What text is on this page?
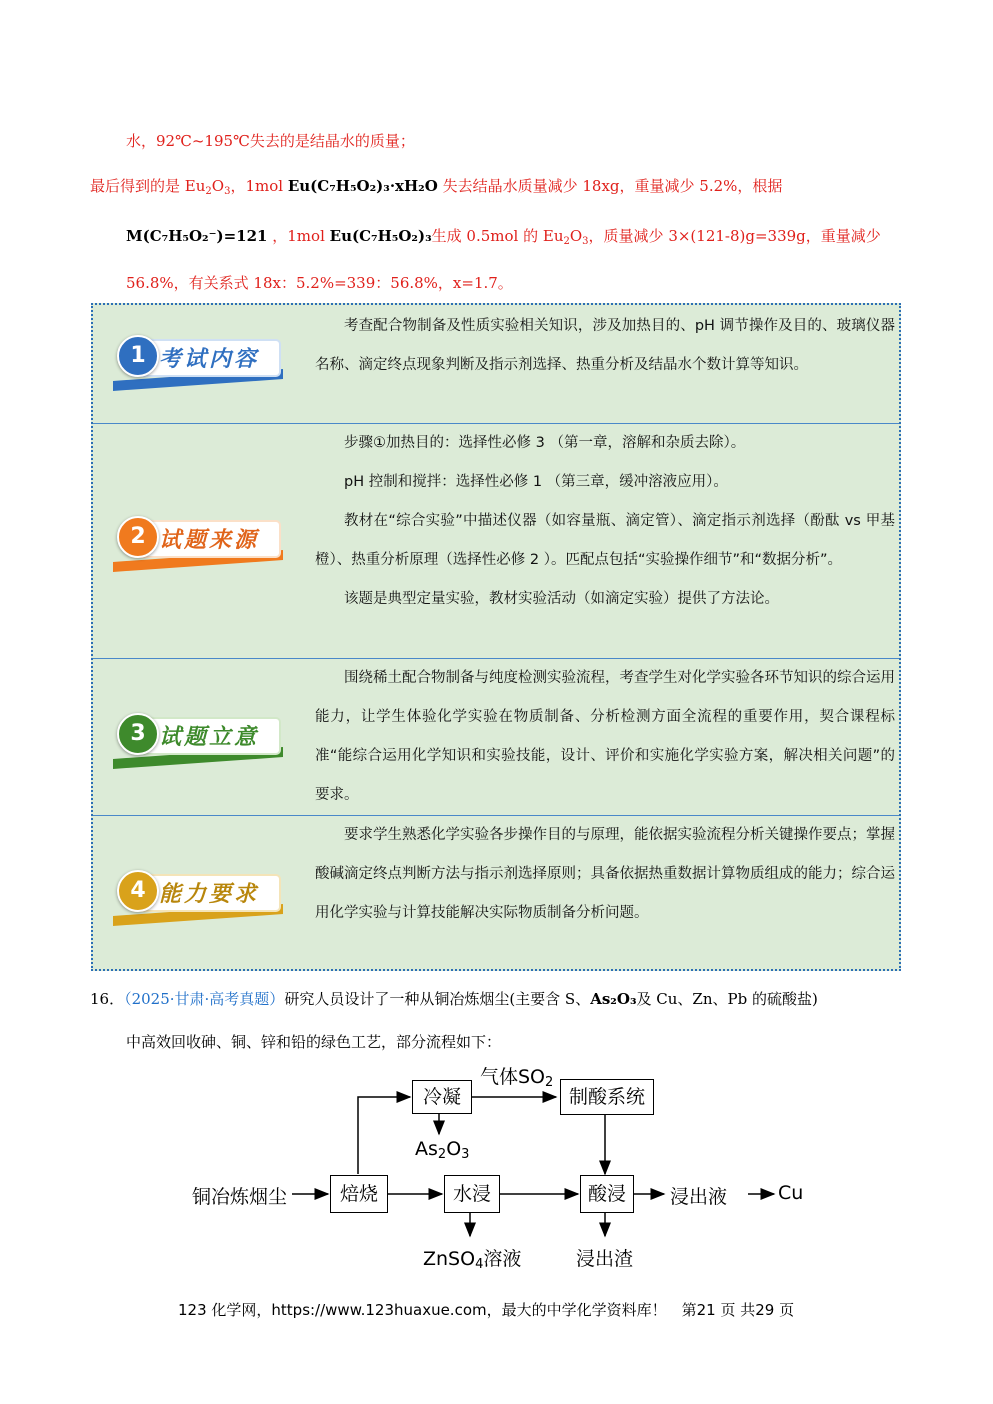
水，92℃~195℃失去的是结晶水的质量；
最后得到的是 $Eu_2O_3$，1mol Eu(C₇H₅O₂)₃·xH₂O 失去结晶水质量减少 18xg，重量减少 5.2%，根据
M(C₇H₅O₂⁻)=121 ，1mol Eu(C₇H₅O₂)₃生成 0.5mol 的 $Eu_2O_3$，质量减少 3×(121-8)g=339g，重量减少
56.8%，有关系式 18x：5.2%=339：56.8%，x=1.7。
1 考试内容

考查配合物制备及性质实验相关知识，涉及加热目的、pH 调节操作及目的、玻璃仪器名称、滴定终点现象判断及指示剂选择、热重分析及结晶水个数计算等知识。

2 试题来源

步骤①加热目的：选择性必修 3 （第一章，溶解和杂质去除）。

pH 控制和搅拌：选择性必修 1 （第三章，缓冲溶液应用）。

教材在“综合实验”中描述仪器（如容量瓶、滴定管）、滴定指示剂选择（酚酞 vs 甲基橙）、热重分析原理（选择性必修 2 ）。匹配点包括“实验操作细节”和“数据分析”。

该题是典型定量实验，教材实验活动（如滴定实验）提供了方法论。

3 试题立意

围绕稀土配合物制备与纯度检测实验流程，考查学生对化学实验各环节知识的综合运用能力，让学生体验化学实验在物质制备、分析检测方面全流程的重要作用，契合课程标准“能综合运用化学知识和实验技能，设计、评价和实施化学实验方案，解决相关问题”的要求。

4 能力要求

要求学生熟悉化学实验各步操作目的与原理，能依据实验流程分析关键操作要点；掌握酸碱滴定终点判断方法与指示剂选择原则；具备依据热重数据计算物质组成的能力；综合运用化学实验与计算技能解决实际物质制备分析问题。

16．（2025·甘肃·高考真题）研究人员设计了一种从铜冶炼烟尘(主要含 S、As₂O₃及 Cu、Zn、Pb 的硫酸盐)
中高效回收砷、铜、锌和铅的绿色工艺，部分流程如下：
铜冶炼烟尘	焙烧
冷凝
气体$SO_2$
制酸系统
$As_2O_3$
水浸	酸浸	浸出液	Cu
ZnSO$_4$溶液	浸出渣
123 化学网，https://www.123huaxue.com，最大的中学化学资料库！　第21 页 共29 页
